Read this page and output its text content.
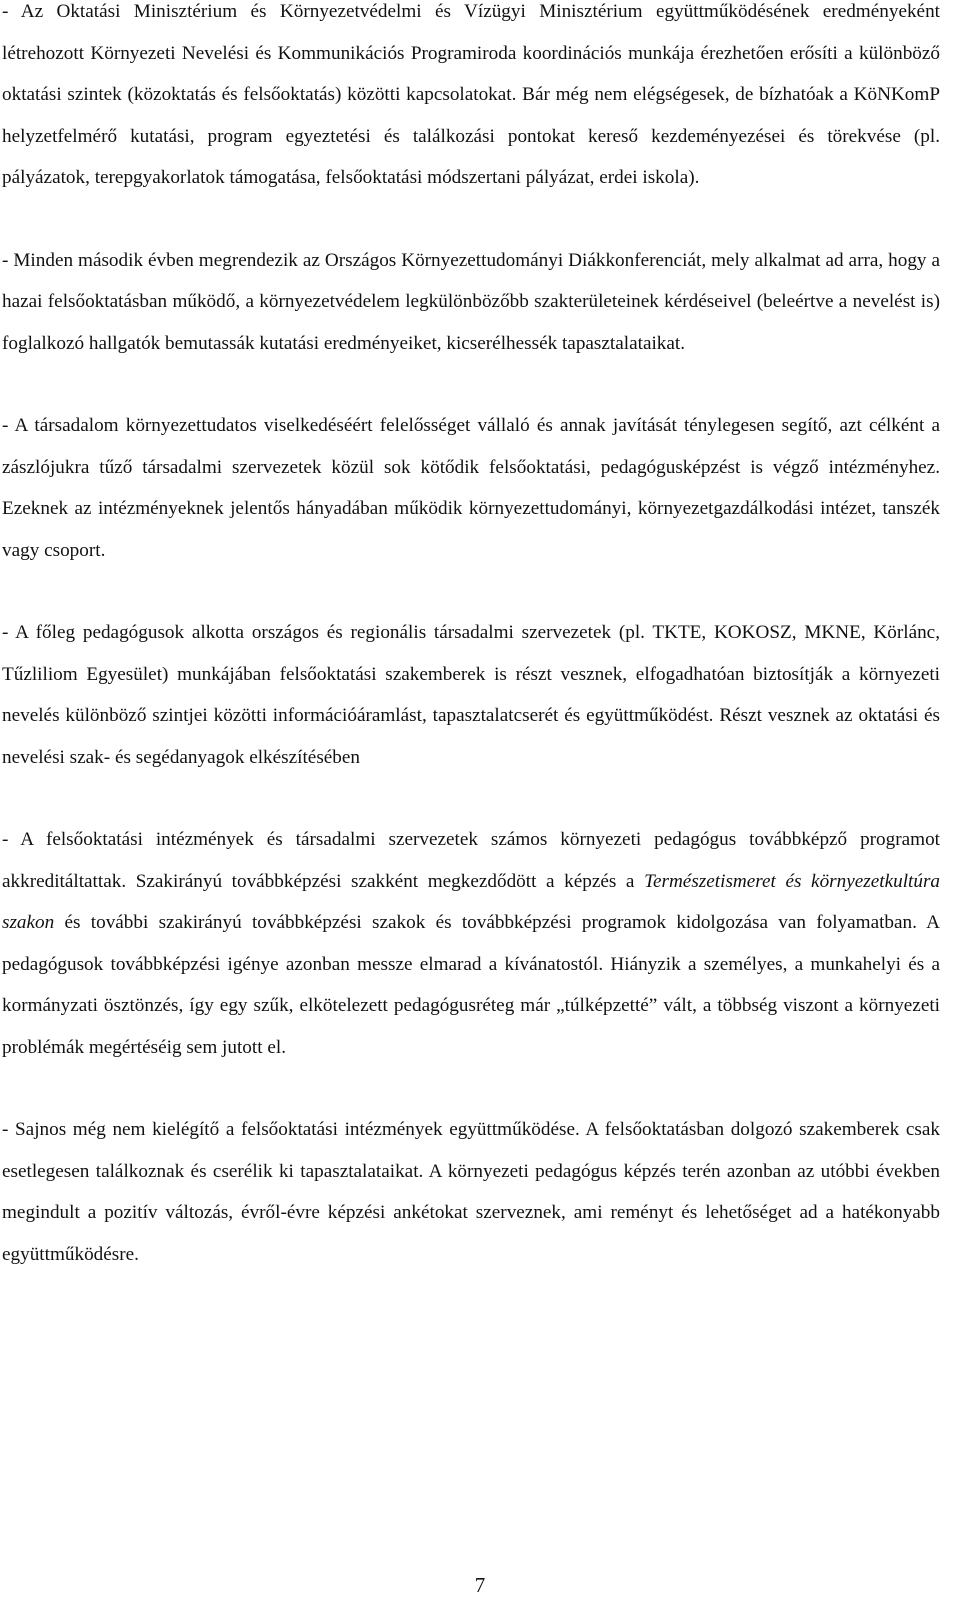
- Az Oktatási Minisztérium és Környezetvédelmi és Vízügyi Minisztérium együttműködésének eredményeként létrehozott Környezeti Nevelési és Kommunikációs Programiroda koordinációs munkája érezhetően erősíti a különböző oktatási szintek (közoktatás és felsőoktatás) közötti kapcsolatokat. Bár még nem elégségesek, de bízhatóak a KöNKomP helyzetfelmérő kutatási, program egyeztetési és találkozási pontokat kereső kezdeményezései és törekvése (pl. pályázatok, terepgyakorlatok támogatása, felsőoktatási módszertani pályázat, erdei iskola).

- Minden második évben megrendezik az Országos Környezettudományi Diákkonferenciát, mely alkalmat ad arra, hogy a hazai felsőoktatásban működő, a környezetvédelem legkülönbözőbb szakterületeinek kérdéseivel (beleértve a nevelést is) foglalkozó hallgatók bemutassák kutatási eredményeiket, kicserélhessék tapasztalataikat.

- A társadalom környezettudatos viselkedéséért felelősséget vállaló és annak javítását ténylegesen segítő, azt célként a zászlójukra tűző társadalmi szervezetek közül sok kötődik felsőoktatási, pedagógusképzést is végző intézményhez. Ezeknek az intézményeknek jelentős hányadában működik környezettudományi, környezetgazdálkodási intézet, tanszék vagy csoport.

- A főleg pedagógusok alkotta országos és regionális társadalmi szervezetek (pl. TKTE, KOKOSZ, MKNE, Körlánc, Tűzliliom Egyesület) munkájában felsőoktatási szakemberek is részt vesznek, elfogadhatóan biztosítják a környezeti nevelés különböző szintjei közötti információáramlást, tapasztalatcserét és együttműködést. Részt vesznek az oktatási és nevelési szak- és segédanyagok elkészítésében

- A felsőoktatási intézmények és társadalmi szervezetek számos környezeti pedagógus továbbképző programot akkreditáltattak. Szakirányú továbbképzési szakként megkezdődött a képzés a Természetismeret és környezetkultúra szakon és további szakirányú továbbképzési szakok és továbbképzési programok kidolgozása van folyamatban. A pedagógusok továbbképzési igénye azonban messze elmarad a kívánatostól. Hiányzik a személyes, a munkahelyi és a kormányzati ösztönzés, így egy szűk, elkötelezett pedagógusréteg már „túlképzetté” vált, a többség viszont a környezeti problémák megértéséig sem jutott el.

- Sajnos még nem kielégítő a felsőoktatási intézmények együttműködése. A felsőoktatásban dolgozó szakemberek csak esetlegesen találkoznak és cserélik ki tapasztalataikat. A környezeti pedagógus képzés terén azonban az utóbbi években megindult a pozitív változás, évről-évre képzési ankétokat szerveznek, ami reményt és lehetőséget ad a hatékonyabb együttműködésre.

7
